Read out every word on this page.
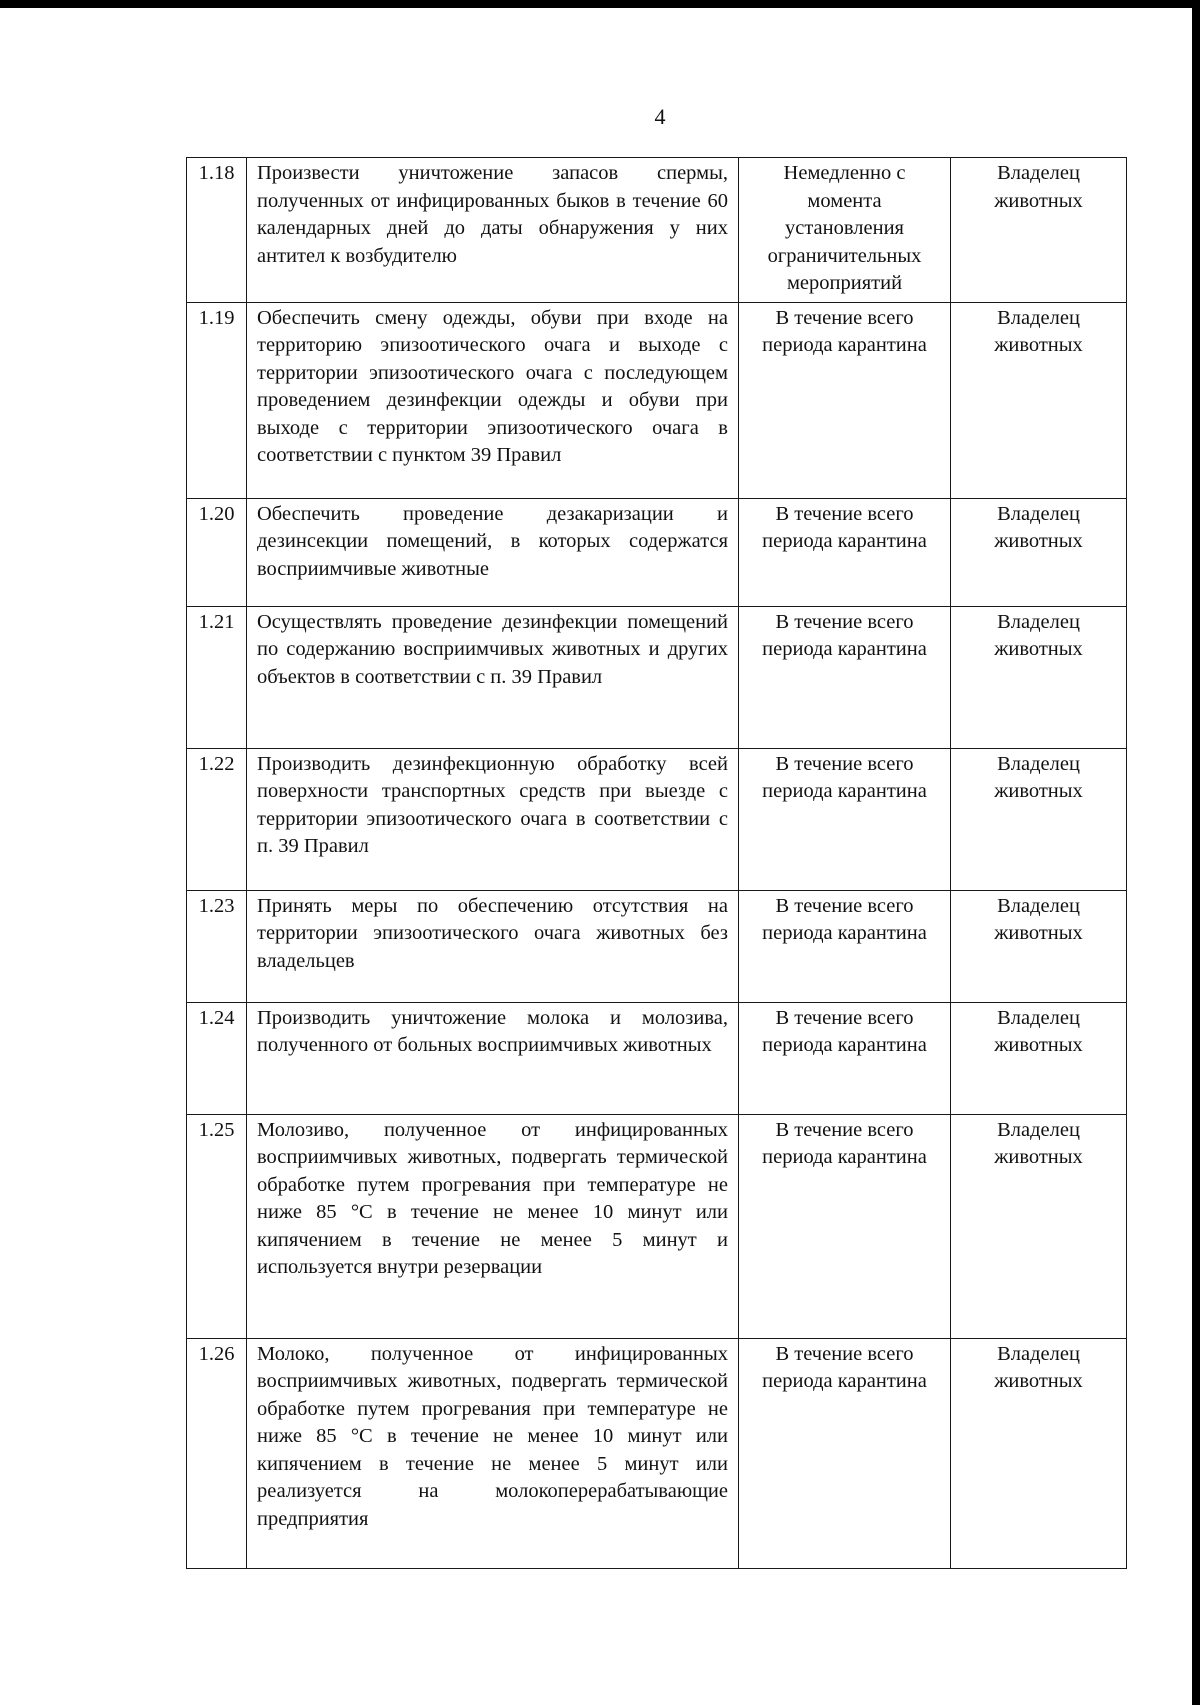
4
1.18	Произвести уничтожение запасов спермы, полученных от инфицированных быков в течение 60 календарных дней до даты обнаружения у них антител к возбудителю	Немедленно с момента установления ограничительных мероприятий	Владелец животных
1.19	Обеспечить смену одежды, обуви при входе на территорию эпизоотического очага и выходе с территории эпизоотического очага с последующем проведением дезинфекции одежды и обуви при выходе с территории эпизоотического очага в соответствии с пунктом 39 Правил	В течение всего периода карантина	Владелец животных
1.20	Обеспечить проведение дезакаризации и дезинсекции помещений, в которых содержатся восприимчивые животные	В течение всего периода карантина	Владелец животных
1.21	Осуществлять проведение дезинфекции помещений по содержанию восприимчивых животных и других объектов в соответствии с п. 39 Правил	В течение всего периода карантина	Владелец животных
1.22	Производить дезинфекционную обработку всей поверхности транспортных средств при выезде с территории эпизоотического очага в соответствии с п. 39 Правил	В течение всего периода карантина	Владелец животных
1.23	Принять меры по обеспечению отсутствия на территории эпизоотического очага животных без владельцев	В течение всего периода карантина	Владелец животных
1.24	Производить уничтожение молока и молозива, полученного от больных восприимчивых животных	В течение всего периода карантина	Владелец животных
1.25	Молозиво, полученное от инфицированных восприимчивых животных, подвергать термической обработке путем прогревания при температуре не ниже 85 °C в течение не менее 10 минут или кипячением в течение не менее 5 минут и используется внутри резервации	В течение всего периода карантина	Владелец животных
1.26	Молоко, полученное от инфицированных восприимчивых животных, подвергать термической обработке путем прогревания при температуре не ниже 85 °C в течение не менее 10 минут или кипячением в течение не менее 5 минут или реализуется на молокоперерабатывающие предприятия	В течение всего периода карантина	Владелец животных
